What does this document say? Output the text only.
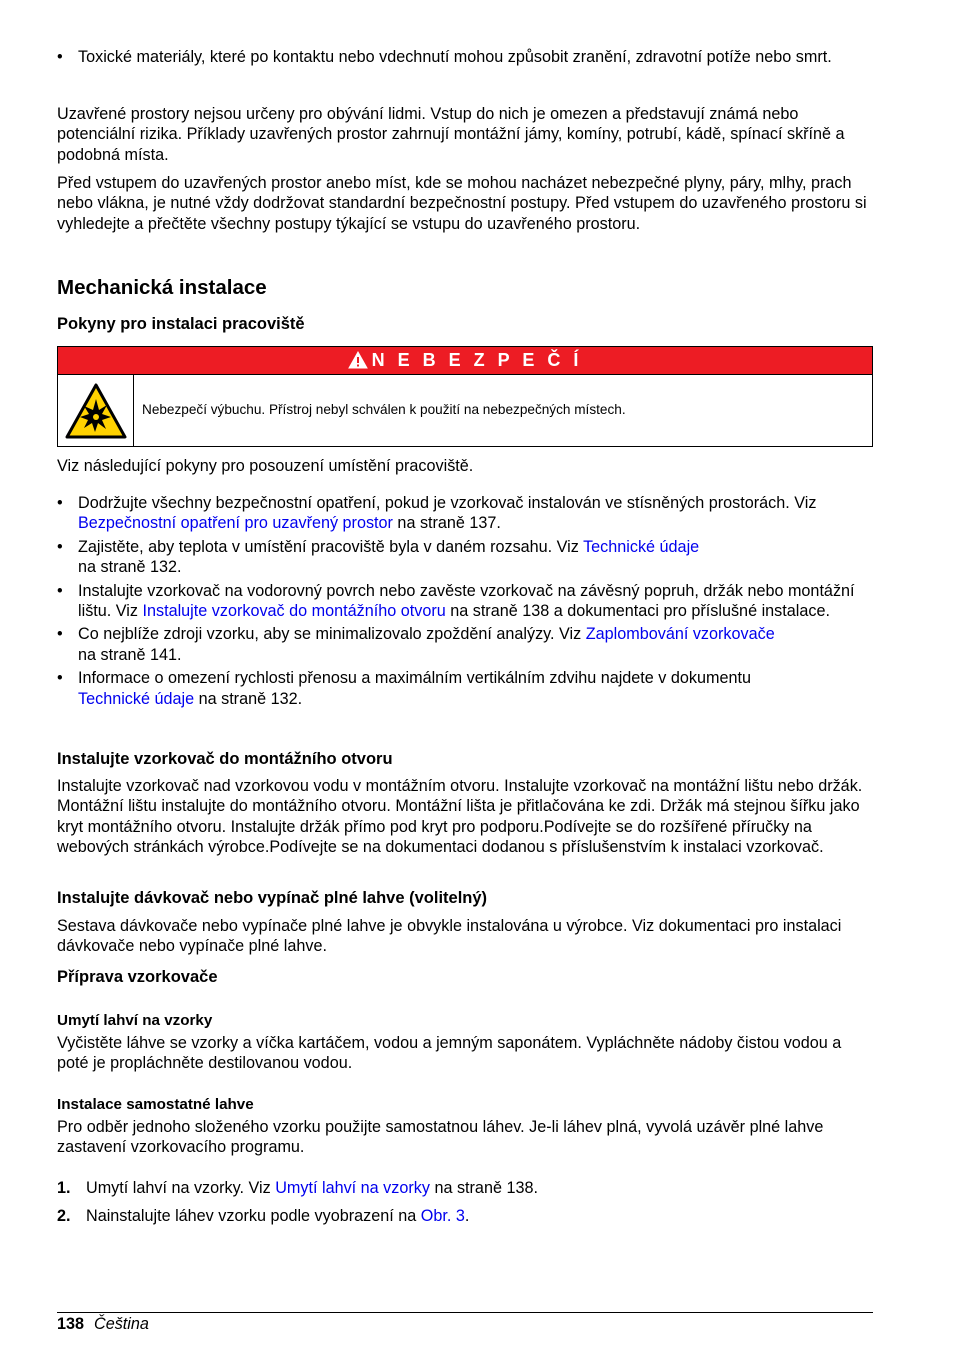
• Toxické materiály, které po kontaktu nebo vdechnutí mohou způsobit zranění, zdravotní potíže nebo smrt.

Uzavřené prostory nejsou určeny pro obývání lidmi. Vstup do nich je omezen a představují známá nebo potenciální rizika. Příklady uzavřených prostor zahrnují montážní jámy, komíny, potrubí, kádě, spínací skříně a podobná místa.

Před vstupem do uzavřených prostor anebo míst, kde se mohou nacházet nebezpečné plyny, páry, mlhy, prach nebo vlákna, je nutné vždy dodržovat standardní bezpečnostní postupy. Před vstupem do uzavřeného prostoru si vyhledejte a přečtěte všechny postupy týkající se vstupu do uzavřeného prostoru.

Mechanická instalace
Pokyny pro instalaci pracoviště
N E B E Z P E Č Í
Nebezpečí výbuchu. Přístroj nebyl schválen k použití na nebezpečných místech.

Viz následující pokyny pro posouzení umístění pracoviště.

• Dodržujte všechny bezpečnostní opatření, pokud je vzorkovač instalován ve stísněných prostorách. Viz Bezpečnostní opatření pro uzavřený prostor na straně 137.
• Zajistěte, aby teplota v umístění pracoviště byla v daném rozsahu. Viz Technické údaje
na straně 132.
• Instalujte vzorkovač na vodorovný povrch nebo zavěste vzorkovač na závěsný popruh, držák nebo montážní lištu. Viz Instalujte vzorkovač do montážního otvoru na straně 138 a dokumentaci pro příslušné instalace.
• Co nejblíže zdroji vzorku, aby se minimalizovalo zpoždění analýzy. Viz Zaplombování vzorkovače
na straně 141.
• Informace o omezení rychlosti přenosu a maximálním vertikálním zdvihu najdete v dokumentu
Technické údaje na straně 132.
Instalujte vzorkovač do montážního otvoru

Instalujte vzorkovač nad vzorkovou vodu v montážním otvoru. Instalujte vzorkovač na montážní lištu nebo držák. Montážní lištu instalujte do montážního otvoru. Montážní lišta je přitlačována ke zdi. Držák má stejnou šířku jako kryt montážního otvoru. Instalujte držák přímo pod kryt pro podporu.Podívejte se do rozšířené příručky na webových stránkách výrobce.Podívejte se na dokumentaci dodanou s příslušenstvím k instalaci vzorkovač.

Instalujte dávkovač nebo vypínač plné lahve (volitelný)

Sestava dávkovače nebo vypínače plné lahve je obvykle instalována u výrobce. Viz dokumentaci pro instalaci dávkovače nebo vypínače plné lahve.

Příprava vzorkovače
Umytí lahví na vzorky

Vyčistěte láhve se vzorky a víčka kartáčem, vodou a jemným saponátem. Vypláchněte nádoby čistou vodou a poté je propláchněte destilovanou vodou.

Instalace samostatné lahve

Pro odběr jednoho složeného vzorku použijte samostatnou láhev. Je-li láhev plná, vyvolá uzávěr plné lahve zastavení vzorkovacího programu.

1. Umytí lahví na vzorky. Viz Umytí lahví na vzorky na straně 138.
2. Nainstalujte láhev vzorku podle vyobrazení na Obr. 3.
138 Čeština
